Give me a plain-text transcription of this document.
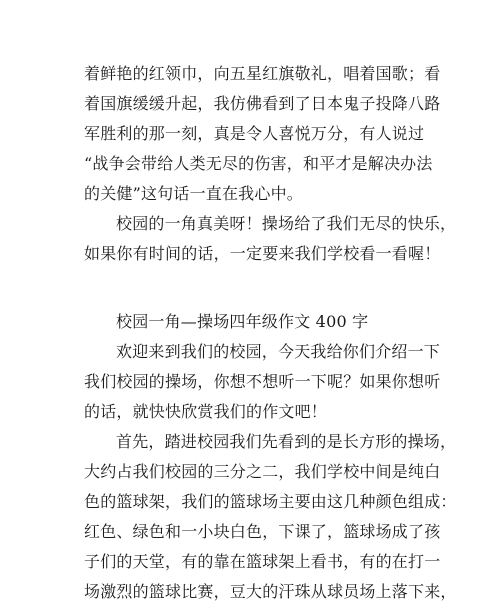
着鲜艳的红领巾，向五星红旗敬礼，唱着国歌；看
着国旗缓缓升起，我仿佛看到了日本鬼子投降八路
军胜利的那一刻，真是令人喜悦万分，有人说过
“战争会带给人类无尽的伤害，和平才是解决办法
的关健”这句话一直在我心中。
校园的一角真美呀！操场给了我们无尽的快乐，
如果你有时间的话，一定要来我们学校看一看喔！
校园一角—操场四年级作文 400 字
欢迎来到我们的校园，今天我给你们介绍一下
我们校园的操场，你想不想听一下呢？如果你想听
的话，就快快欣赏我们的作文吧！
首先，踏进校园我们先看到的是长方形的操场，
大约占我们校园的三分之二，我们学校中间是纯白
色的篮球架，我们的篮球场主要由这几种颜色组成：
红色、绿色和一小块白色，下课了，篮球场成了孩
子们的天堂，有的靠在篮球架上看书，有的在打一
场激烈的篮球比赛，豆大的汗珠从球员场上落下来，
